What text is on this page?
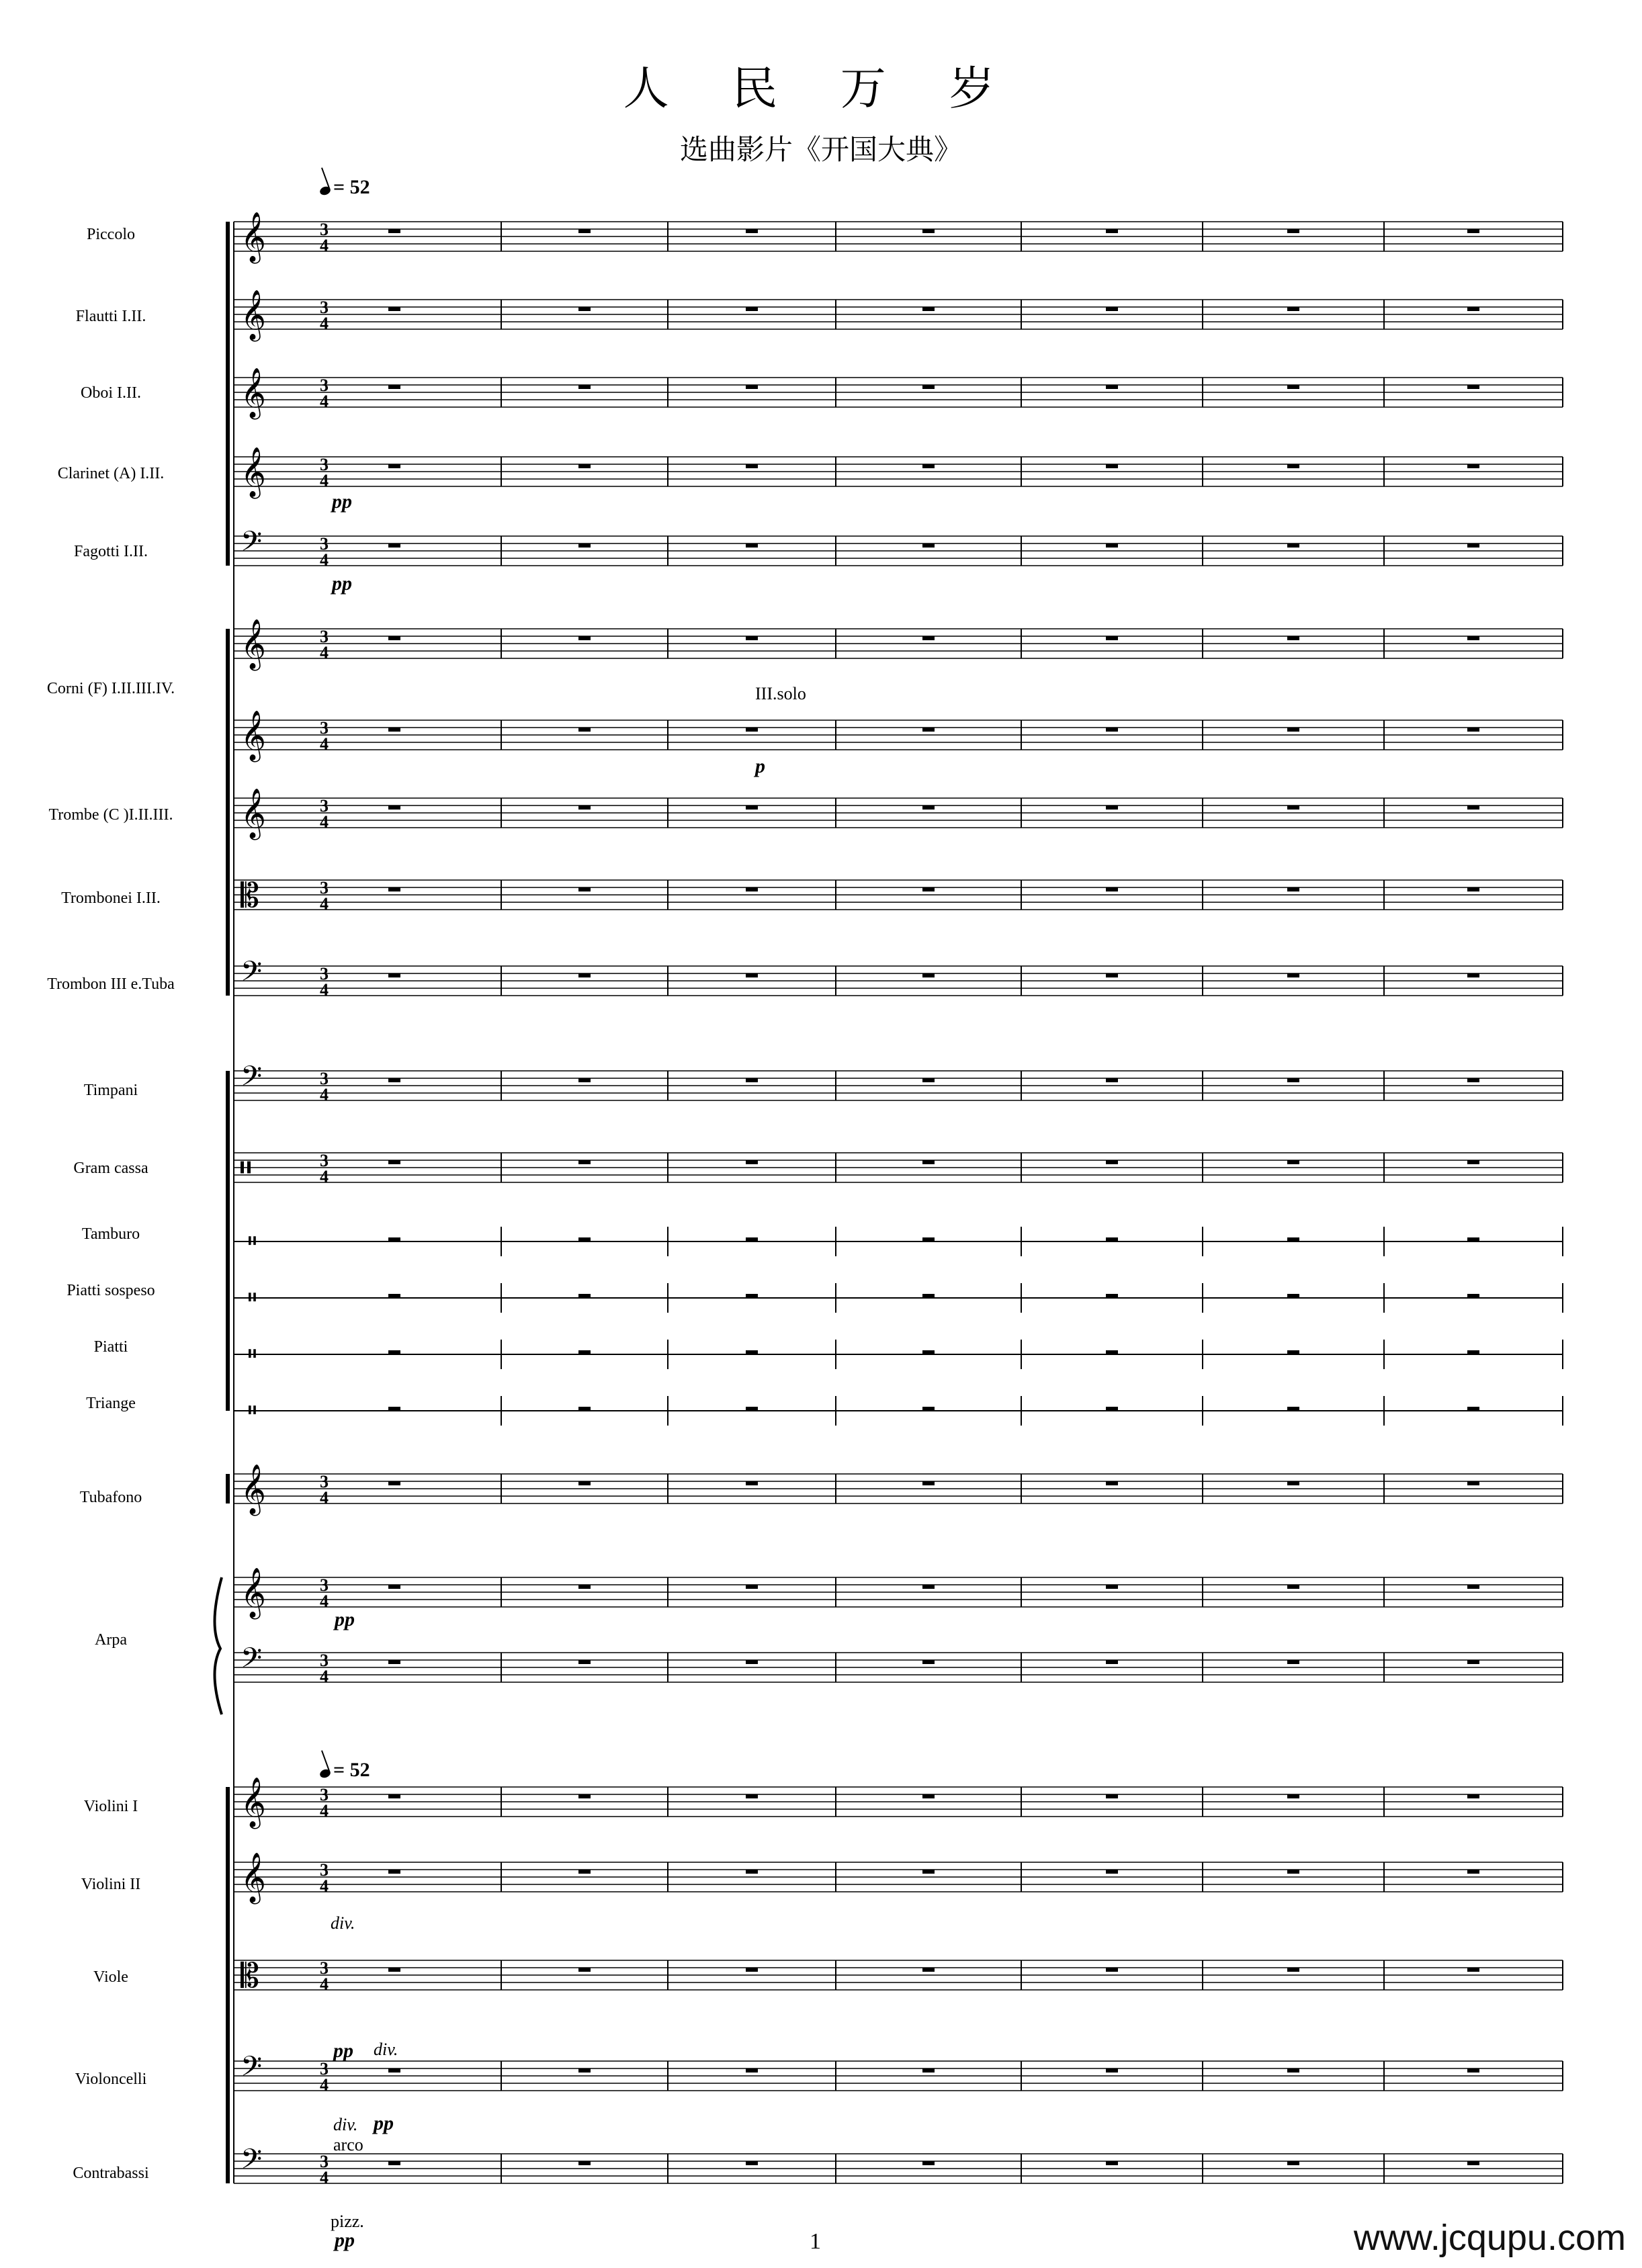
人 民 万 岁
选曲影片《开国大典》
= 52
= 52
Piccolo
Flautti I.II.
Oboi I.II.
Clarinet (A) I.II.
Fagotti I.II.
Corni (F) I.II.III.IV.
Trombe (C )I.II.III.
Trombonei I.II.
Trombon III e.Tuba
Timpani
Gram cassa
Tamburo
Piatti sospeso
Piatti
Triange
Tubafono
Arpa
Violini I
Violini II
Viole
Violoncelli
Contrabassi
𝄞	3
4
𝄞	3
4
𝄞	3
4
𝄞	3
4
𝄢	3
4
𝄞	3
4
𝄞	3
4
𝄞	3
4
𝄡	3
4
𝄢	3
4
𝄢	3
4
𝄥	3
4
𝄥
𝄥
𝄥
𝄥
𝄞	3
4
𝄞	3
4
𝄢	3
4
𝄞	3
4
𝄞	3
4
𝄡	3
4
𝄢	3
4
𝄢	3
4
pp
pp
III.solo
p
pp
div.
pp div.
div. pp
arco
pizz.
pp	1	www.jcqupu.com
